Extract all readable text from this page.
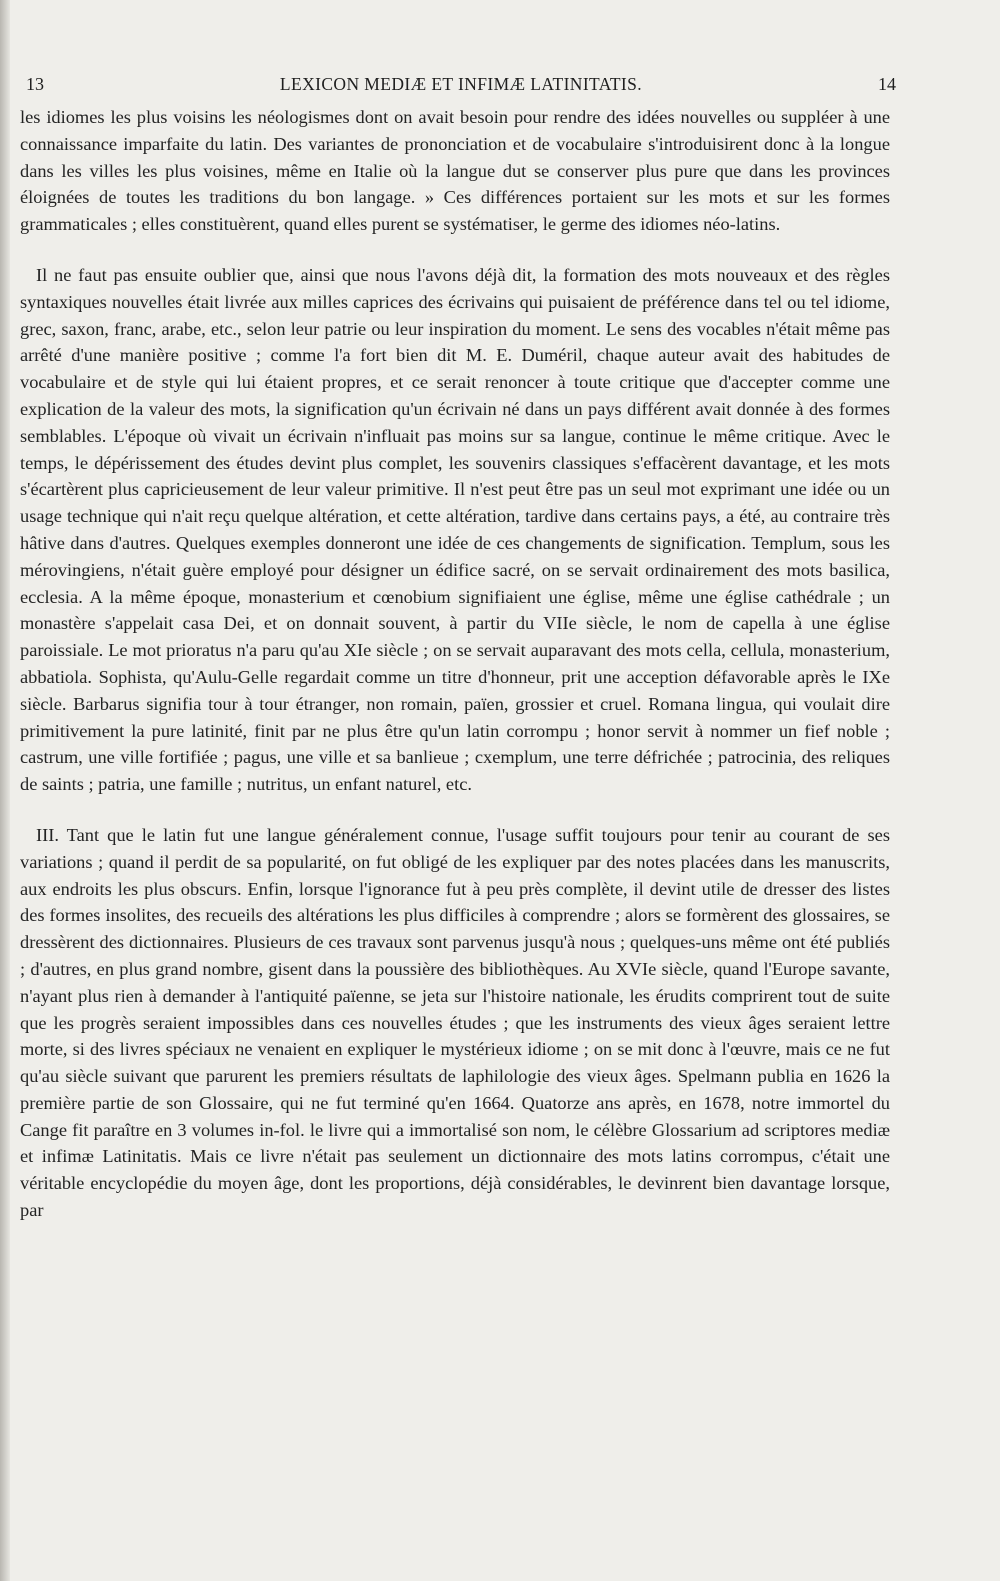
13	LEXICON MEDIÆ ET INFIMÆ LATINITATIS.	14

les idiomes les plus voisins les néologismes dont on avait besoin pour rendre des idées nouvelles ou suppléer à une connaissance imparfaite du latin. Des variantes de prononciation et de vocabulaire s'introduisirent donc à la longue dans les villes les plus voisines, même en Italie où la langue dut se conserver plus pure que dans les provinces éloignées de toutes les traditions du bon langage. » Ces différences portaient sur les mots et sur les formes grammaticales ; elles constituèrent, quand elles purent se systématiser, le germe des idiomes néo-latins.

Il ne faut pas ensuite oublier que, ainsi que nous l'avons déjà dit, la formation des mots nouveaux et des règles syntaxiques nouvelles était livrée aux milles caprices des écrivains qui puisaient de préférence dans tel ou tel idiome, grec, saxon, franc, arabe, etc., selon leur patrie ou leur inspiration du moment. Le sens des vocables n'était même pas arrêté d'une manière positive ; comme l'a fort bien dit M. E. Duméril, chaque auteur avait des habitudes de vocabulaire et de style qui lui étaient propres, et ce serait renoncer à toute critique que d'accepter comme une explication de la valeur des mots, la signification qu'un écrivain né dans un pays différent avait donnée à des formes semblables. L'époque où vivait un écrivain n'influait pas moins sur sa langue, continue le même critique. Avec le temps, le dépérissement des études devint plus complet, les souvenirs classiques s'effacèrent davantage, et les mots s'écartèrent plus capricieusement de leur valeur primitive. Il n'est peut être pas un seul mot exprimant une idée ou un usage technique qui n'ait reçu quelque altération, et cette altération, tardive dans certains pays, a été, au contraire très hâtive dans d'autres. Quelques exemples donneront une idée de ces changements de signification. Templum, sous les mérovingiens, n'était guère employé pour désigner un édifice sacré, on se servait ordinairement des mots basilica, ecclesia. A la même époque, monasterium et cœnobium signifiaient une église, même une église cathédrale ; un monastère s'appelait casa Dei, et on donnait souvent, à partir du VIIe siècle, le nom de capella à une église paroissiale. Le mot prioratus n'a paru qu'au XIe siècle ; on se servait auparavant des mots cella, cellula, monasterium, abbatiola. Sophista, qu'Aulu-Gelle regardait comme un titre d'honneur, prit une acception défavorable après le IXe siècle. Barbarus signifia tour à tour étranger, non romain, païen, grossier et cruel. Romana lingua, qui voulait dire primitivement la pure latinité, finit par ne plus être qu'un latin corrompu ; honor servit à nommer un fief noble ; castrum, une ville fortifiée ; pagus, une ville et sa banlieue ; cxemplum, une terre défrichée ; patrocinia, des reliques de saints ; patria, une famille ; nutritus, un enfant naturel, etc.

III. Tant que le latin fut une langue généralement connue, l'usage suffit toujours pour tenir au courant de ses variations ; quand il perdit de sa popularité, on fut obligé de les expliquer par des notes placées dans les manuscrits, aux endroits les plus obscurs. Enfin, lorsque l'ignorance fut à peu près complète, il devint utile de dresser des listes des formes insolites, des recueils des altérations les plus difficiles à comprendre ; alors se formèrent des glossaires, se dressèrent des dictionnaires. Plusieurs de ces travaux sont parvenus jusqu'à nous ; quelques-uns même ont été publiés ; d'autres, en plus grand nombre, gisent dans la poussière des bibliothèques. Au XVIe siècle, quand l'Europe savante, n'ayant plus rien à demander à l'antiquité païenne, se jeta sur l'histoire nationale, les érudits comprirent tout de suite que les progrès seraient impossibles dans ces nouvelles études ; que les instruments des vieux âges seraient lettre morte, si des livres spéciaux ne venaient en expliquer le mystérieux idiome ; on se mit donc à l'œuvre, mais ce ne fut qu'au siècle suivant que parurent les premiers résultats de laphilologie des vieux âges. Spelmann publia en 1626 la première partie de son Glossaire, qui ne fut terminé qu'en 1664. Quatorze ans après, en 1678, notre immortel du Cange fit paraître en 3 volumes in-fol. le livre qui a immortalisé son nom, le célèbre Glossarium ad scriptores mediæ et infimæ Latinitatis. Mais ce livre n'était pas seulement un dictionnaire des mots latins corrompus, c'était une véritable encyclopédie du moyen âge, dont les proportions, déjà considérables, le devinrent bien davantage lorsque, par
